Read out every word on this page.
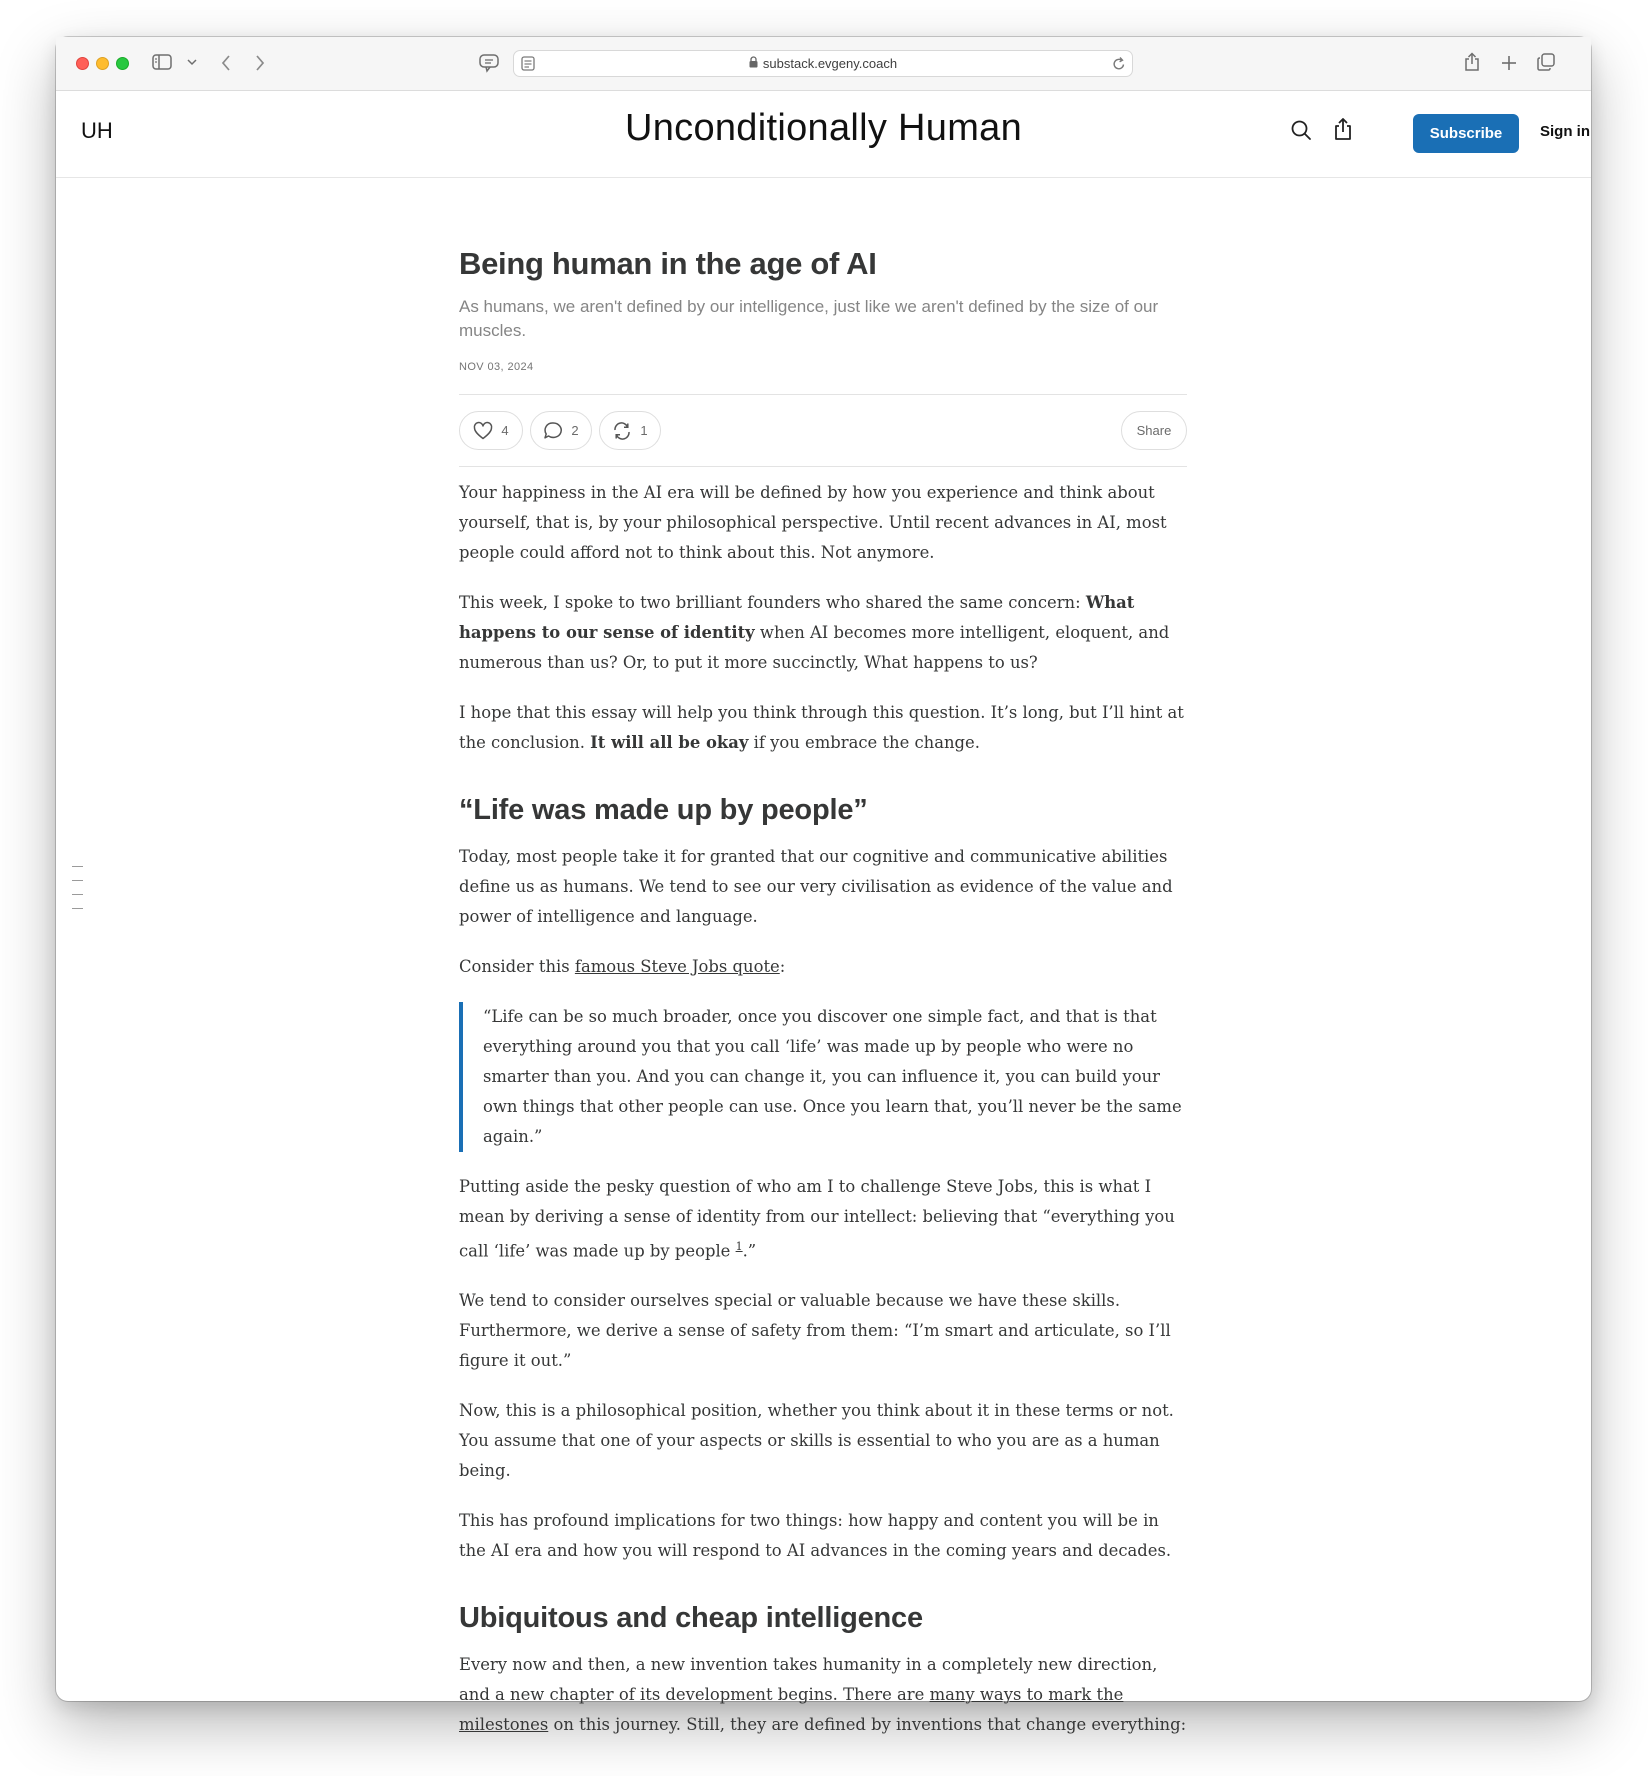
substack.evgeny.coach
UH	Unconditionally Human	Subscribe	Sign in
Being human in the age of AI
As humans, we aren't defined by our intelligence, just like we aren't defined by the size of our muscles.
NOV 03, 2024
4	2	1	Share

Your happiness in the AI era will be defined by how you experience and think about yourself, that is, by your philosophical perspective. Until recent advances in AI, most people could afford not to think about this. Not anymore.

This week, I spoke to two brilliant founders who shared the same concern: What happens to our sense of identity when AI becomes more intelligent, eloquent, and numerous than us? Or, to put it more succinctly, What happens to us?

I hope that this essay will help you think through this question. It’s long, but I’ll hint at the conclusion. It will all be okay if you embrace the change.

“Life was made up by people”

Today, most people take it for granted that our cognitive and communicative abilities define us as humans. We tend to see our very civilisation as evidence of the value and power of intelligence and language.

Consider this famous Steve Jobs quote:

“Life can be so much broader, once you discover one simple fact, and that is that everything around you that you call ‘life’ was made up by people who were no smarter than you. And you can change it, you can influence it, you can build your own things that other people can use. Once you learn that, you’ll never be the same again.”

Putting aside the pesky question of who am I to challenge Steve Jobs, this is what I mean by deriving a sense of identity from our intellect: believing that “everything you call ‘life’ was made up by people $^1$.”

We tend to consider ourselves special or valuable because we have these skills. Furthermore, we derive a sense of safety from them: “I’m smart and articulate, so I’ll figure it out.”

Now, this is a philosophical position, whether you think about it in these terms or not. You assume that one of your aspects or skills is essential to who you are as a human being.

This has profound implications for two things: how happy and content you will be in the AI era and how you will respond to AI advances in the coming years and decades.

Ubiquitous and cheap intelligence

Every now and then, a new invention takes humanity in a completely new direction, and a new chapter of its development begins. There are many ways to mark the milestones on this journey. Still, they are defined by inventions that change everything:
